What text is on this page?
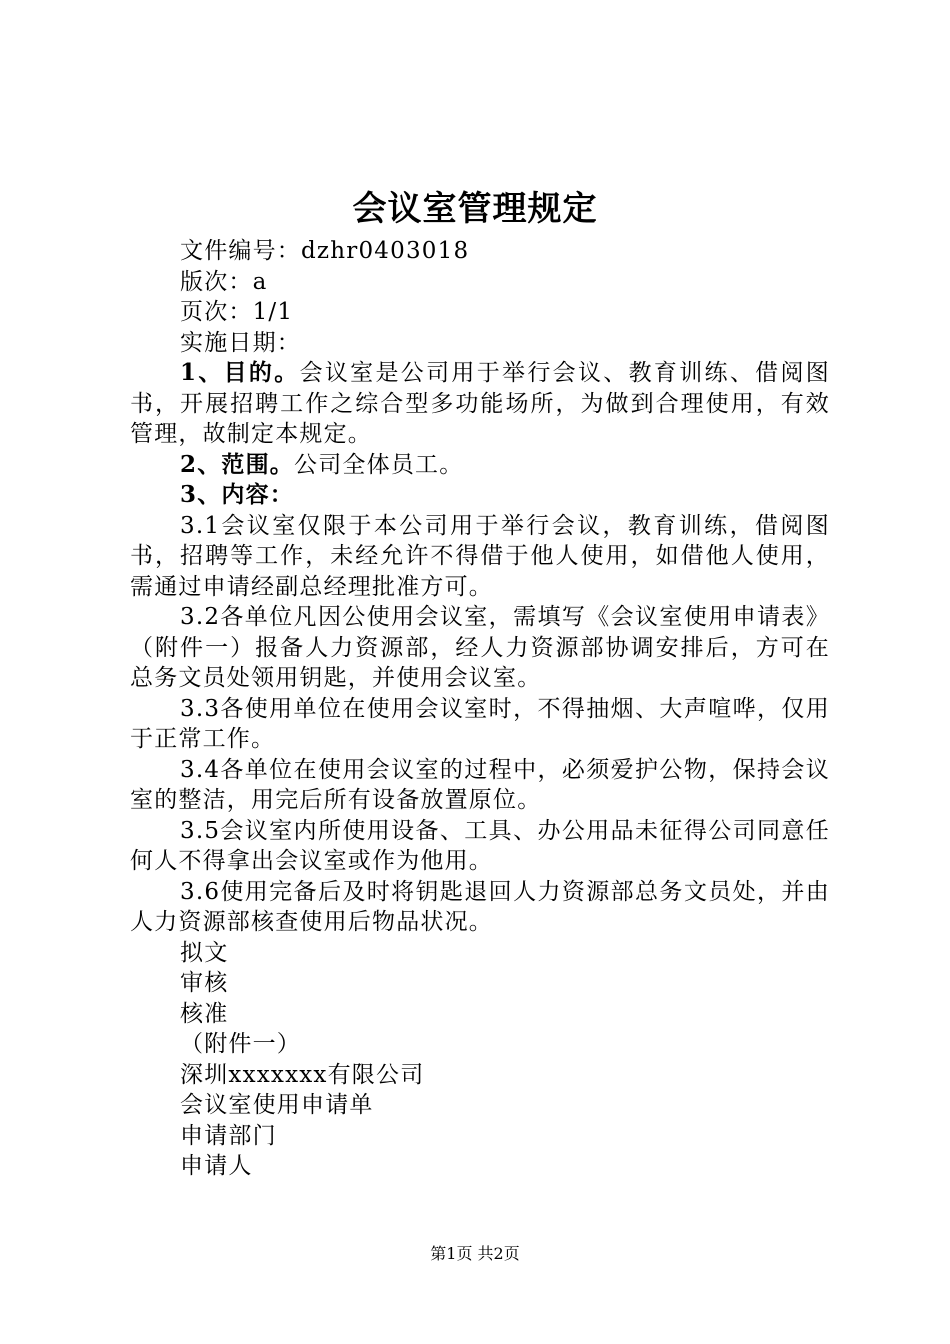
会议室管理规定

文件编号：dzhr0403018

版次：a

页次：1/1

实施日期：

1、目的。会议室是公司用于举行会议、教育训练、借阅图书，开展招聘工作之综合型多功能场所，为做到合理使用，有效管理，故制定本规定。

2、范围。公司全体员工。

3、内容：

3.1会议室仅限于本公司用于举行会议，教育训练，借阅图书，招聘等工作，未经允许不得借于他人使用，如借他人使用，需通过申请经副总经理批准方可。

3.2各单位凡因公使用会议室，需填写《会议室使用申请表》（附件一）报备人力资源部，经人力资源部协调安排后，方可在总务文员处领用钥匙，并使用会议室。

3.3各使用单位在使用会议室时，不得抽烟、大声喧哗，仅用于正常工作。

3.4各单位在使用会议室的过程中，必须爱护公物，保持会议室的整洁，用完后所有设备放置原位。

3.5会议室内所使用设备、工具、办公用品未征得公司同意任何人不得拿出会议室或作为他用。

3.6使用完备后及时将钥匙退回人力资源部总务文员处，并由人力资源部核查使用后物品状况。

拟文

审核

核准

（附件一）

深圳xxxxxxx有限公司

会议室使用申请单

申请部门

申请人

第1页 共2页
